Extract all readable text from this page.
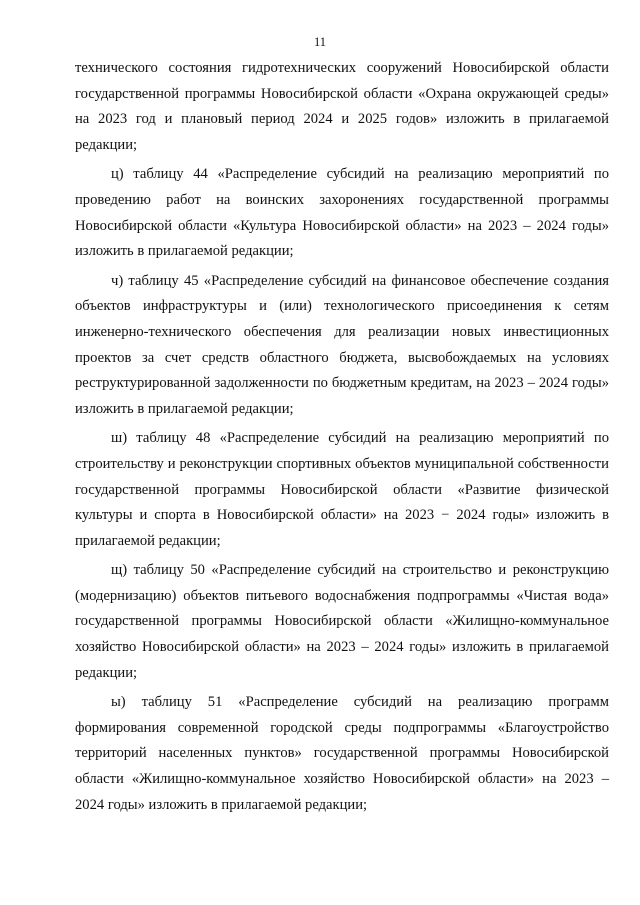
11

технического состояния гидротехнических сооружений Новосибирской области государственной программы Новосибирской области «Охрана окружающей среды» на 2023 год и плановый период 2024 и 2025 годов» изложить в прилагаемой редакции;

ц) таблицу 44 «Распределение субсидий на реализацию мероприятий по проведению работ на воинских захоронениях государственной программы Новосибирской области «Культура Новосибирской области» на 2023 – 2024 годы» изложить в прилагаемой редакции;

ч) таблицу 45 «Распределение субсидий на финансовое обеспечение создания объектов инфраструктуры и (или) технологического присоединения к сетям инженерно-технического обеспечения для реализации новых инвестиционных проектов за счет средств областного бюджета, высвобождаемых на условиях реструктурированной задолженности по бюджетным кредитам, на 2023 – 2024 годы» изложить в прилагаемой редакции;

ш) таблицу 48 «Распределение субсидий на реализацию мероприятий по строительству и реконструкции спортивных объектов муниципальной собственности государственной программы Новосибирской области «Развитие физической культуры и спорта в Новосибирской области» на 2023 − 2024 годы» изложить в прилагаемой редакции;

щ) таблицу 50 «Распределение субсидий на строительство и реконструкцию (модернизацию) объектов питьевого водоснабжения подпрограммы «Чистая вода» государственной программы Новосибирской области «Жилищно-коммунальное хозяйство Новосибирской области» на 2023 – 2024 годы» изложить в прилагаемой редакции;

ы) таблицу 51 «Распределение субсидий на реализацию программ формирования современной городской среды подпрограммы «Благоустройство территорий населенных пунктов» государственной программы Новосибирской области «Жилищно-коммунальное хозяйство Новосибирской области» на 2023 – 2024 годы» изложить в прилагаемой редакции;
